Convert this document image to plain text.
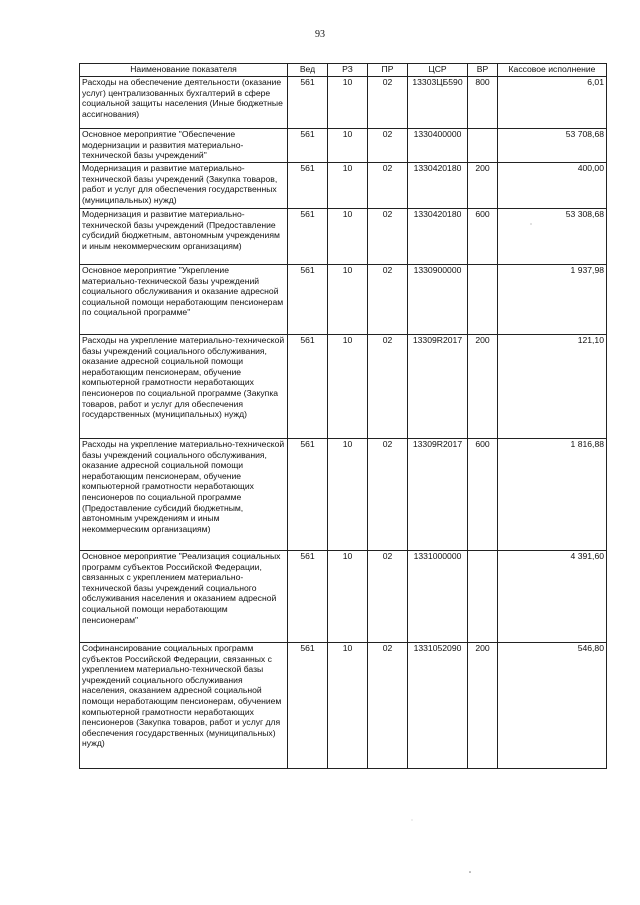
93
Наименование показателя	Вед	РЗ	ПР	ЦСР	ВР	Кассовое исполнение
Расходы на обеспечение деятельности (оказание услуг) централизованных бухгалтерий в сфере социальной защиты населения (Иные бюджетные ассигнования)	561	10	02	13303ЦБ590	800	6,01
Основное мероприятие "Обеспечение модернизации и развития материально-технической базы учреждений"	561	10	02	1330400000		53 708,68
Модернизация и развитие материально-технической базы учреждений (Закупка товаров, работ и услуг для обеспечения государственных (муниципальных) нужд)	561	10	02	1330420180	200	400,00
Модернизация и развитие материально-технической базы учреждений (Предоставление субсидий бюджетным, автономным учреждениям и иным некоммерческим организациям)	561	10	02	1330420180	600	53 308,68
Основное мероприятие "Укрепление материально-технической базы учреждений социального обслуживания и оказание адресной социальной помощи неработающим пенсионерам по социальной программе"	561	10	02	1330900000		1 937,98
Расходы на укрепление материально-технической базы учреждений социального обслуживания, оказание адресной социальной помощи неработающим пенсионерам, обучение компьютерной грамотности неработающих пенсионеров по социальной программе (Закупка товаров, работ и услуг для обеспечения государственных (муниципальных) нужд)	561	10	02	13309R2017	200	121,10
Расходы на укрепление материально-технической базы учреждений социального обслуживания, оказание адресной социальной помощи неработающим пенсионерам, обучение компьютерной грамотности неработающих пенсионеров по социальной программе (Предоставление субсидий бюджетным, автономным учреждениям и иным некоммерческим организациям)	561	10	02	13309R2017	600	1 816,88
Основное мероприятие "Реализация социальных программ субъектов Российской Федерации, связанных с укреплением материально-технической базы учреждений социального обслуживания населения и оказанием адресной социальной помощи неработающим пенсионерам"	561	10	02	1331000000		4 391,60
Софинансирование социальных программ субъектов Российской Федерации, связанных с укреплением материально-технической базы учреждений социального обслуживания населения, оказанием адресной социальной помощи неработающим пенсионерам, обучением компьютерной грамотности неработающих пенсионеров (Закупка товаров, работ и услуг для обеспечения государственных (муниципальных) нужд)	561	10	02	1331052090	200	546,80
